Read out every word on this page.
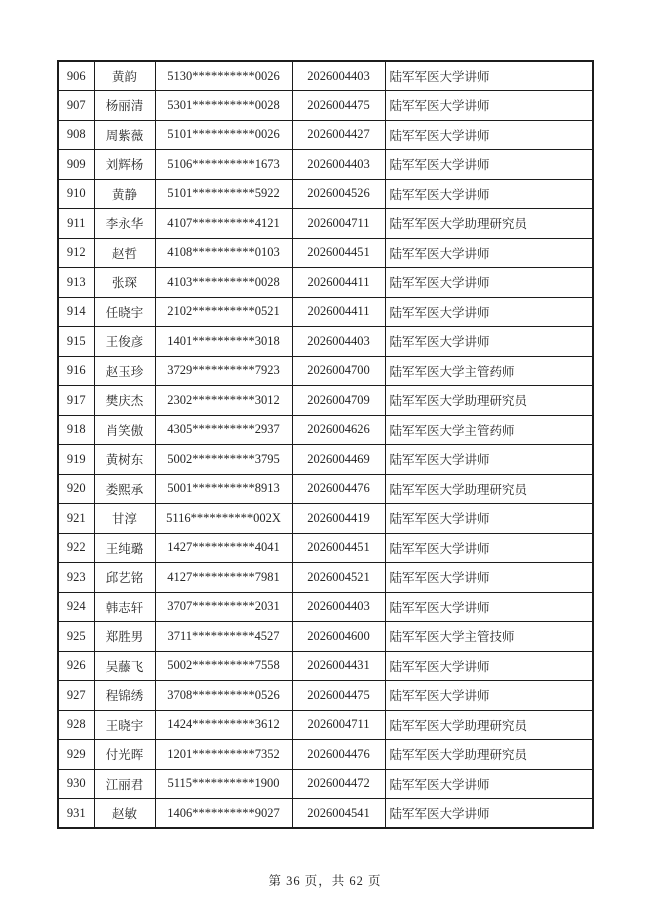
906	黄韵	5130**********0026	2026004403	陆军军医大学讲师
907	杨丽清	5301**********0028	2026004475	陆军军医大学讲师
908	周紫薇	5101**********0026	2026004427	陆军军医大学讲师
909	刘辉杨	5106**********1673	2026004403	陆军军医大学讲师
910	黄静	5101**********5922	2026004526	陆军军医大学讲师
911	李永华	4107**********4121	2026004711	陆军军医大学助理研究员
912	赵哲	4108**********0103	2026004451	陆军军医大学讲师
913	张琛	4103**********0028	2026004411	陆军军医大学讲师
914	任晓宇	2102**********0521	2026004411	陆军军医大学讲师
915	王俊彦	1401**********3018	2026004403	陆军军医大学讲师
916	赵玉珍	3729**********7923	2026004700	陆军军医大学主管药师
917	樊庆杰	2302**********3012	2026004709	陆军军医大学助理研究员
918	肖笑傲	4305**********2937	2026004626	陆军军医大学主管药师
919	黄树东	5002**********3795	2026004469	陆军军医大学讲师
920	娄熙承	5001**********8913	2026004476	陆军军医大学助理研究员
921	甘淳	5116**********002X	2026004419	陆军军医大学讲师
922	王纯璐	1427**********4041	2026004451	陆军军医大学讲师
923	邱艺铭	4127**********7981	2026004521	陆军军医大学讲师
924	韩志轩	3707**********2031	2026004403	陆军军医大学讲师
925	郑胜男	3711**********4527	2026004600	陆军军医大学主管技师
926	吴藤飞	5002**********7558	2026004431	陆军军医大学讲师
927	程锦绣	3708**********0526	2026004475	陆军军医大学讲师
928	王晓宇	1424**********3612	2026004711	陆军军医大学助理研究员
929	付光晖	1201**********7352	2026004476	陆军军医大学助理研究员
930	江丽君	5115**********1900	2026004472	陆军军医大学讲师
931	赵敏	1406**********9027	2026004541	陆军军医大学讲师
第 36 页，共 62 页
